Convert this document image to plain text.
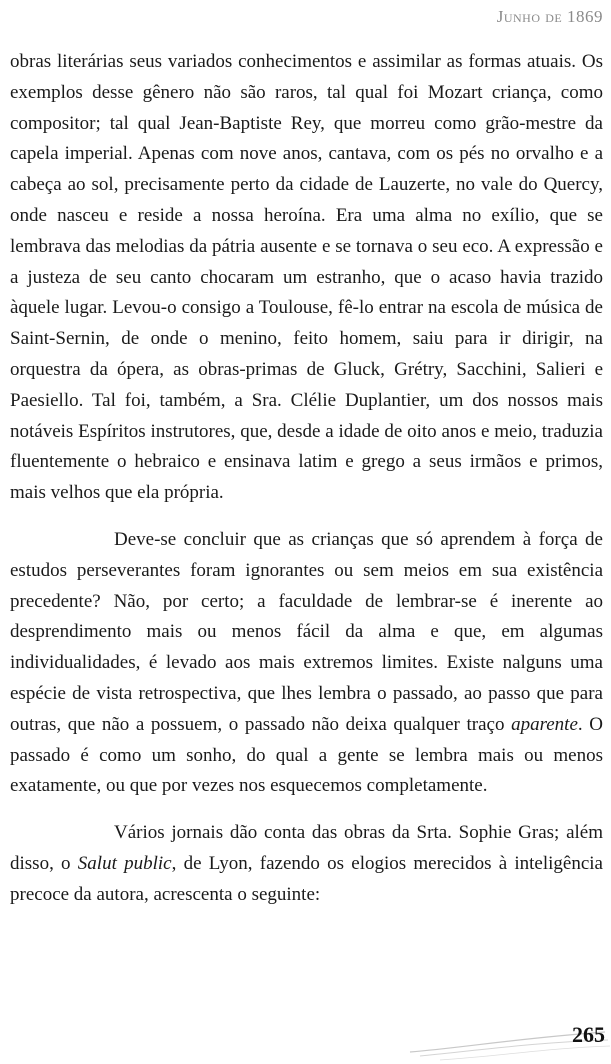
Junho de 1869

obras literárias seus variados conhecimentos e assimilar as formas atuais. Os exemplos desse gênero não são raros, tal qual foi Mozart criança, como compositor; tal qual Jean-Baptiste Rey, que morreu como grão-mestre da capela imperial. Apenas com nove anos, cantava, com os pés no orvalho e a cabeça ao sol, precisamente perto da cidade de Lauzerte, no vale do Quercy, onde nasceu e reside a nossa heroína. Era uma alma no exílio, que se lembrava das melodias da pátria ausente e se tornava o seu eco. A expressão e a justeza de seu canto chocaram um estranho, que o acaso havia trazido àquele lugar. Levou-o consigo a Toulouse, fê-lo entrar na escola de música de Saint-Sernin, de onde o menino, feito homem, saiu para ir dirigir, na orquestra da ópera, as obras-primas de Gluck, Grétry, Sacchini, Salieri e Paesiello. Tal foi, também, a Sra. Clélie Duplantier, um dos nossos mais notáveis Espíritos instrutores, que, desde a idade de oito anos e meio, traduzia fluentemente o hebraico e ensinava latim e grego a seus irmãos e primos, mais velhos que ela própria.

Deve-se concluir que as crianças que só aprendem à força de estudos perseverantes foram ignorantes ou sem meios em sua existência precedente? Não, por certo; a faculdade de lembrar-se é inerente ao desprendimento mais ou menos fácil da alma e que, em algumas individualidades, é levado aos mais extremos limites. Existe nalguns uma espécie de vista retrospectiva, que lhes lembra o passado, ao passo que para outras, que não a possuem, o passado não deixa qualquer traço aparente. O passado é como um sonho, do qual a gente se lembra mais ou menos exatamente, ou que por vezes nos esquecemos completamente.

Vários jornais dão conta das obras da Srta. Sophie Gras; além disso, o Salut public, de Lyon, fazendo os elogios merecidos à inteligência precoce da autora, acrescenta o seguinte:

265
